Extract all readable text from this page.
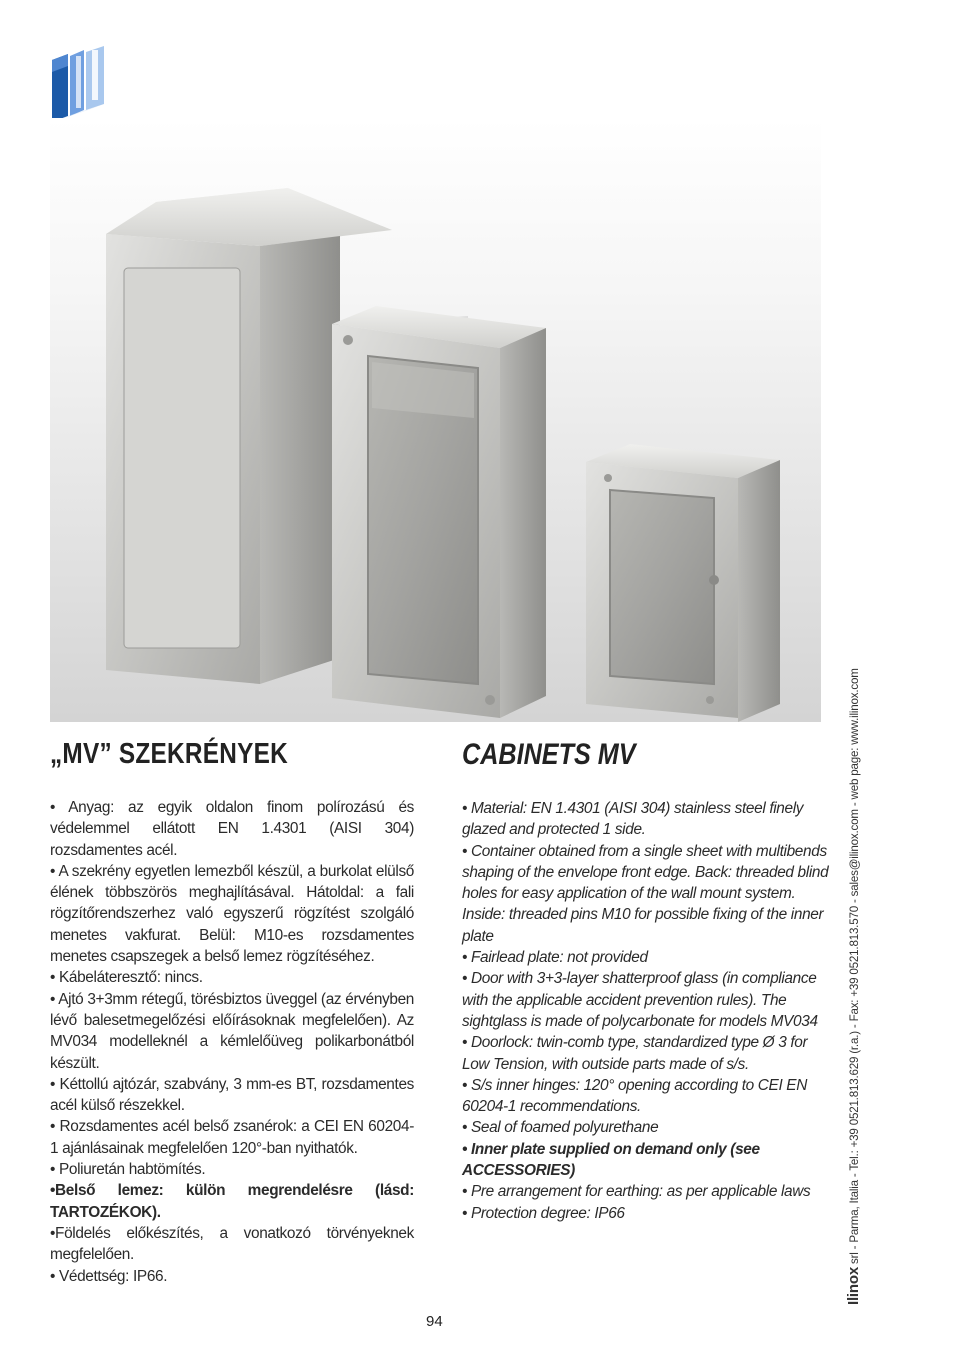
„MV” SZEKRÉNYEK

• Anyag: az egyik oldalon finom polírozású és védelemmel ellátott EN 1.4301 (AISI 304) rozsdamentes acél.

• A szekrény egyetlen lemezből készül, a burkolat elülső élének többszörös meghajlításával. Hátoldal: a fali rögzítőrendszerhez való egyszerű rögzítést szolgáló menetes vakfurat. Belül: M10-es rozsdamentes menetes csapszegek a belső lemez rögzítéséhez.

• Kábeláteresztő: nincs.

• Ajtó 3+3mm rétegű, törésbiztos üveggel (az érvényben lévő balesetmegelőzési előírásoknak megfelelően). Az MV034 modelleknél a kémlelőüveg polikarbonátból készült.

• Kéttollú ajtózár, szabvány, 3 mm-es BT, rozsdamentes acél külső részekkel.

• Rozsdamentes acél belső zsanérok: a CEI EN 60204-1 ajánlásainak megfelelően 120°-ban nyithatók.

• Poliuretán habtömítés.

•Belső lemez: külön megrendelésre (lásd: TARTOZÉKOK).

•Földelés előkészítés, a vonatkozó törvényeknek megfelelően.

• Védettség: IP66.

CABINETS MV

• Material: EN 1.4301 (AISI 304) stainless steel finely glazed and protected 1 side.

• Container obtained from a single sheet with multibends shaping of the envelope front edge. Back: threaded blind holes for easy application of the wall mount system.

Inside: threaded pins M10 for possible fixing of the inner plate

• Fairlead plate: not provided

• Door with 3+3-layer shatterproof glass (in compliance with the applicable accident prevention rules). The sightglass is made of polycarbonate for models MV034

• Doorlock: twin-comb type, standardized type Ø 3 for Low Tension, with outside parts made of s/s.

• S/s inner hinges: 120° opening according to CEI EN 60204-1 recommendations.

• Seal of foamed polyurethane

• Inner plate supplied on demand only (see ACCESSORIES)

• Pre arrangement for earthing: as per applicable laws

• Protection degree: IP66

Ilinox srl - Parma, Italia - Tel.: +39 0521.813.629 (r.a.) - Fax: +39 0521.813.570 - sales@ilinox.com - web page: www.ilinox.com
94
